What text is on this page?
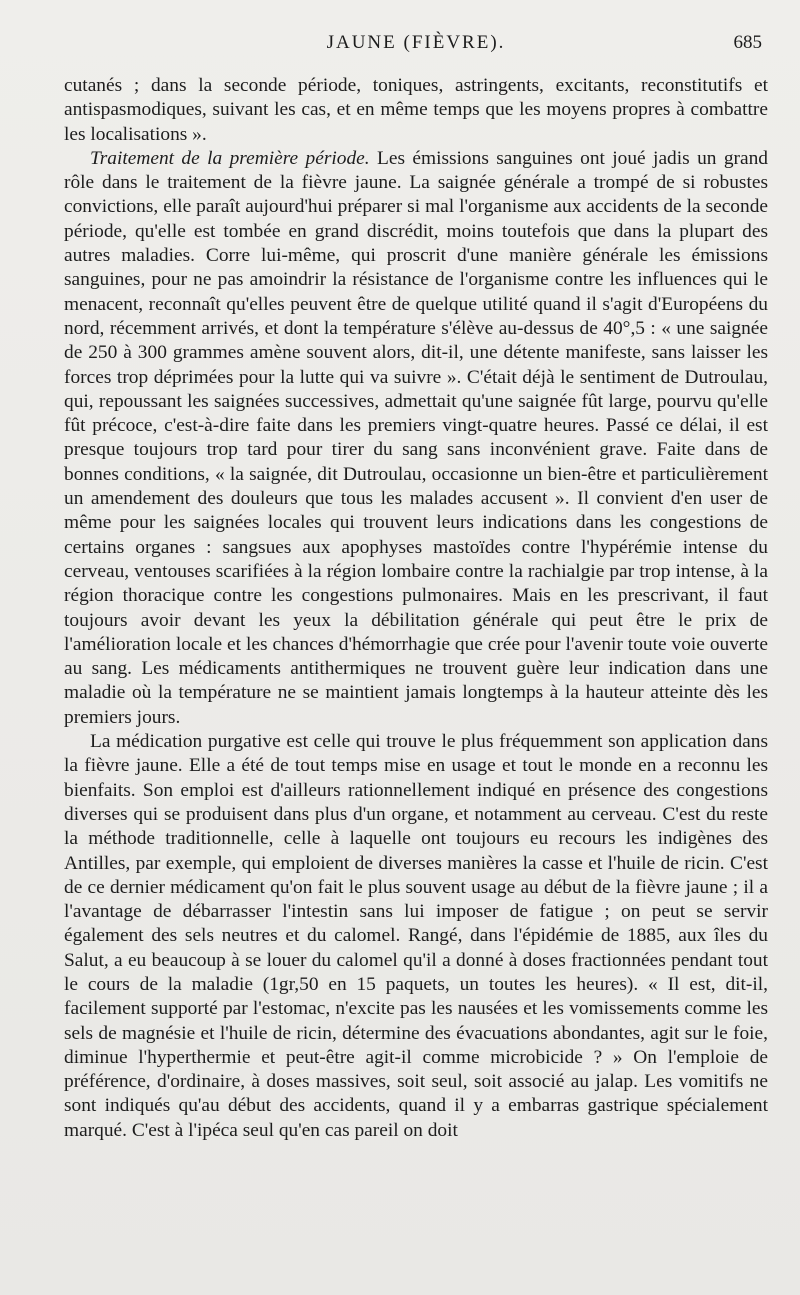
JAUNE (FIÈVRE).	685

cutanés ; dans la seconde période, toniques, astringents, excitants, reconstitutifs et antispasmodiques, suivant les cas, et en même temps que les moyens propres à combattre les localisations ».

Traitement de la première période. Les émissions sanguines ont joué jadis un grand rôle dans le traitement de la fièvre jaune. La saignée générale a trompé de si robustes convictions, elle paraît aujourd'hui préparer si mal l'organisme aux accidents de la seconde période, qu'elle est tombée en grand discrédit, moins toutefois que dans la plupart des autres maladies. Corre lui-même, qui proscrit d'une manière générale les émissions sanguines, pour ne pas amoindrir la résistance de l'organisme contre les influences qui le menacent, reconnaît qu'elles peuvent être de quelque utilité quand il s'agit d'Européens du nord, récemment arrivés, et dont la température s'élève au-dessus de 40°,5 : « une saignée de 250 à 300 grammes amène souvent alors, dit-il, une détente manifeste, sans laisser les forces trop déprimées pour la lutte qui va suivre ». C'était déjà le sentiment de Dutroulau, qui, repoussant les saignées successives, admettait qu'une saignée fût large, pourvu qu'elle fût précoce, c'est-à-dire faite dans les premiers vingt-quatre heures. Passé ce délai, il est presque toujours trop tard pour tirer du sang sans inconvénient grave. Faite dans de bonnes conditions, « la saignée, dit Dutroulau, occasionne un bien-être et particulièrement un amendement des douleurs que tous les malades accusent ». Il convient d'en user de même pour les saignées locales qui trouvent leurs indications dans les congestions de certains organes : sangsues aux apophyses mastoïdes contre l'hypérémie intense du cerveau, ventouses scarifiées à la région lombaire contre la rachialgie par trop intense, à la région thoracique contre les congestions pulmonaires. Mais en les prescrivant, il faut toujours avoir devant les yeux la débilitation générale qui peut être le prix de l'amélioration locale et les chances d'hémorrhagie que crée pour l'avenir toute voie ouverte au sang. Les médicaments antithermiques ne trouvent guère leur indication dans une maladie où la température ne se maintient jamais longtemps à la hauteur atteinte dès les premiers jours.

La médication purgative est celle qui trouve le plus fréquemment son application dans la fièvre jaune. Elle a été de tout temps mise en usage et tout le monde en a reconnu les bienfaits. Son emploi est d'ailleurs rationnellement indiqué en présence des congestions diverses qui se produisent dans plus d'un organe, et notamment au cerveau. C'est du reste la méthode traditionnelle, celle à laquelle ont toujours eu recours les indigènes des Antilles, par exemple, qui emploient de diverses manières la casse et l'huile de ricin. C'est de ce dernier médicament qu'on fait le plus souvent usage au début de la fièvre jaune ; il a l'avantage de débarrasser l'intestin sans lui imposer de fatigue ; on peut se servir également des sels neutres et du calomel. Rangé, dans l'épidémie de 1885, aux îles du Salut, a eu beaucoup à se louer du calomel qu'il a donné à doses fractionnées pendant tout le cours de la maladie (1gr,50 en 15 paquets, un toutes les heures). « Il est, dit-il, facilement supporté par l'estomac, n'excite pas les nausées et les vomissements comme les sels de magnésie et l'huile de ricin, détermine des évacuations abondantes, agit sur le foie, diminue l'hyperthermie et peut-être agit-il comme microbicide ? » On l'emploie de préférence, d'ordinaire, à doses massives, soit seul, soit associé au jalap. Les vomitifs ne sont indiqués qu'au début des accidents, quand il y a embarras gastrique spécialement marqué. C'est à l'ipéca seul qu'en cas pareil on doit
